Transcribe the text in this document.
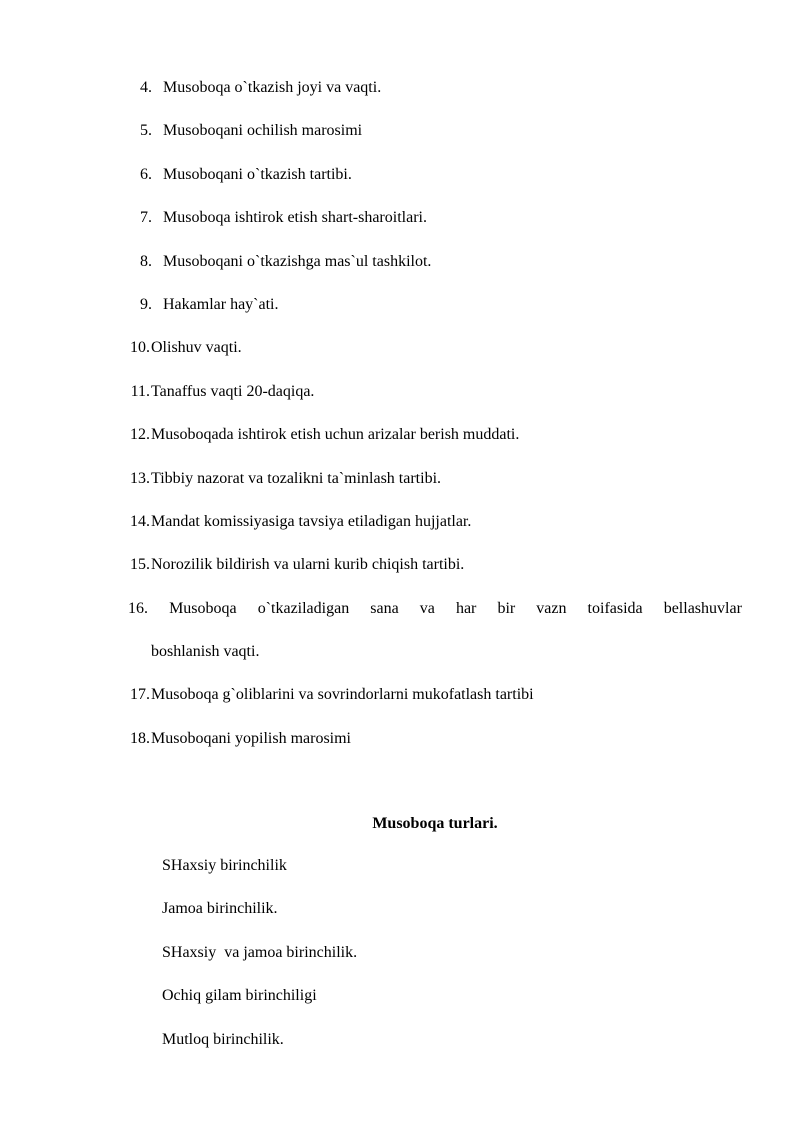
4. Musoboqa o`tkazish joyi va vaqti.
5. Musoboqani ochilish marosimi
6. Musoboqani o`tkazish tartibi.
7. Musoboqa ishtirok etish shart-sharoitlari.
8. Musoboqani o`tkazishga mas`ul tashkilot.
9. Hakamlar hay`ati.
10. Olishuv vaqti.
11. Tanaffus vaqti 20-daqiqa.
12. Musoboqada ishtirok etish uchun arizalar berish muddati.
13. Tibbiy nazorat va tozalikni ta`minlash tartibi.
14. Mandat komissiyasiga tavsiya etiladigan hujjatlar.
15. Norozilik bildirish va ularni kurib chiqish tartibi.
16. Musoboqa o`tkaziladigan sana va har bir vazn toifasida bellashuvlar
boshlanish vaqti.
17. Musoboqa g`oliblarini va sovrindorlarni mukofatlash tartibi
18. Musoboqani yopilish marosimi
Musoboqa turlari.
SHaxsiy birinchilik
Jamoa birinchilik.
SHaxsiy  va jamoa birinchilik.
Ochiq gilam birinchiligi
Mutloq birinchilik.
